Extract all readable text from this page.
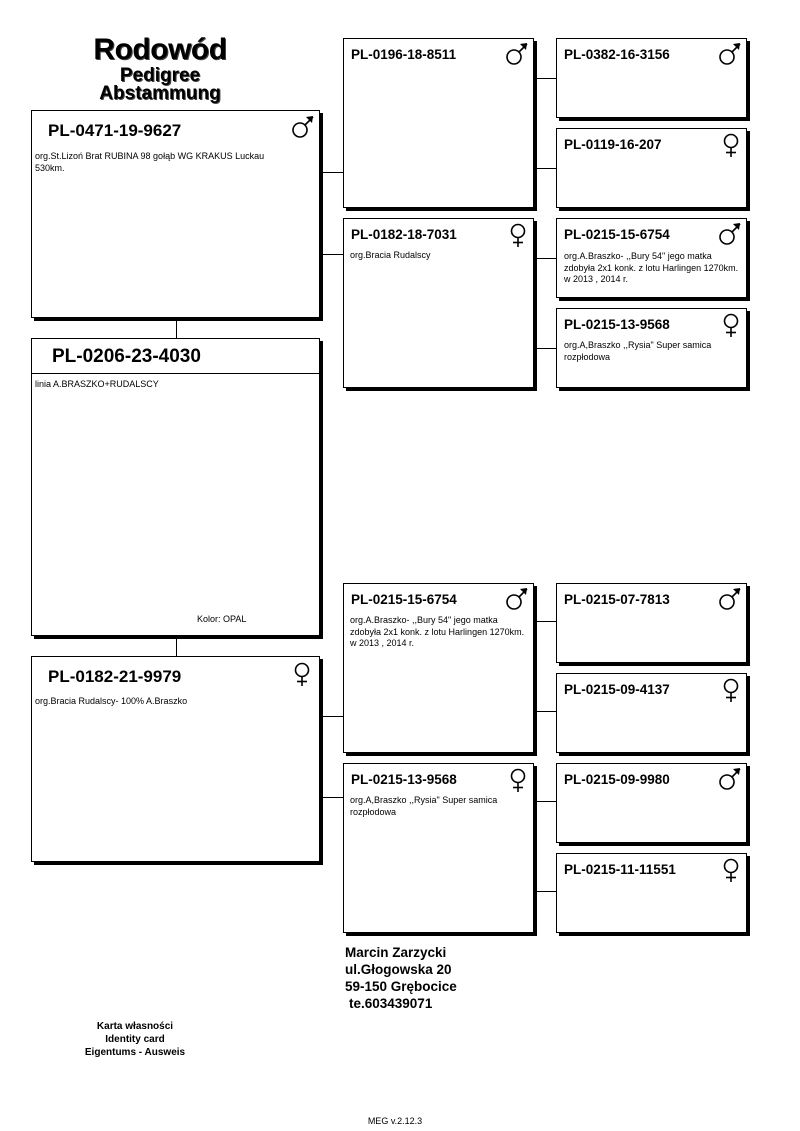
Rodowód
Pedigree
Abstammung
PL-0471-19-9627
org.St.Lizoń Brat RUBINA 98 gołąb WG KRAKUS Luckau 530km.
PL-0206-23-4030
linia A.BRASZKO+RUDALSCY
Kolor: OPAL
PL-0182-21-9979
org.Bracia Rudalscy- 100% A.Braszko
PL-0196-18-8511
PL-0182-18-7031
org.Bracia Rudalscy
PL-0215-15-6754
org.A.Braszko- ,,Bury 54" jego matka zdobyła 2x1 konk. z lotu Harlingen 1270km. w 2013 , 2014 r.
PL-0215-13-9568
org.A,Braszko ,,Rysia" Super samica rozpłodowa
PL-0382-16-3156
PL-0119-16-207
PL-0215-15-6754
org.A.Braszko- ,,Bury 54" jego matka zdobyła 2x1 konk. z lotu Harlingen 1270km. w 2013 , 2014 r.
PL-0215-13-9568
org.A,Braszko ,,Rysia" Super samica rozpłodowa
PL-0215-07-7813
PL-0215-09-4137
PL-0215-09-9980
PL-0215-11-11551
Marcin Zarzycki
ul.Głogowska 20
59-150 Grębocice
te.603439071
Karta własności
Identity card
Eigentums - Ausweis
MEG v.2.12.3
